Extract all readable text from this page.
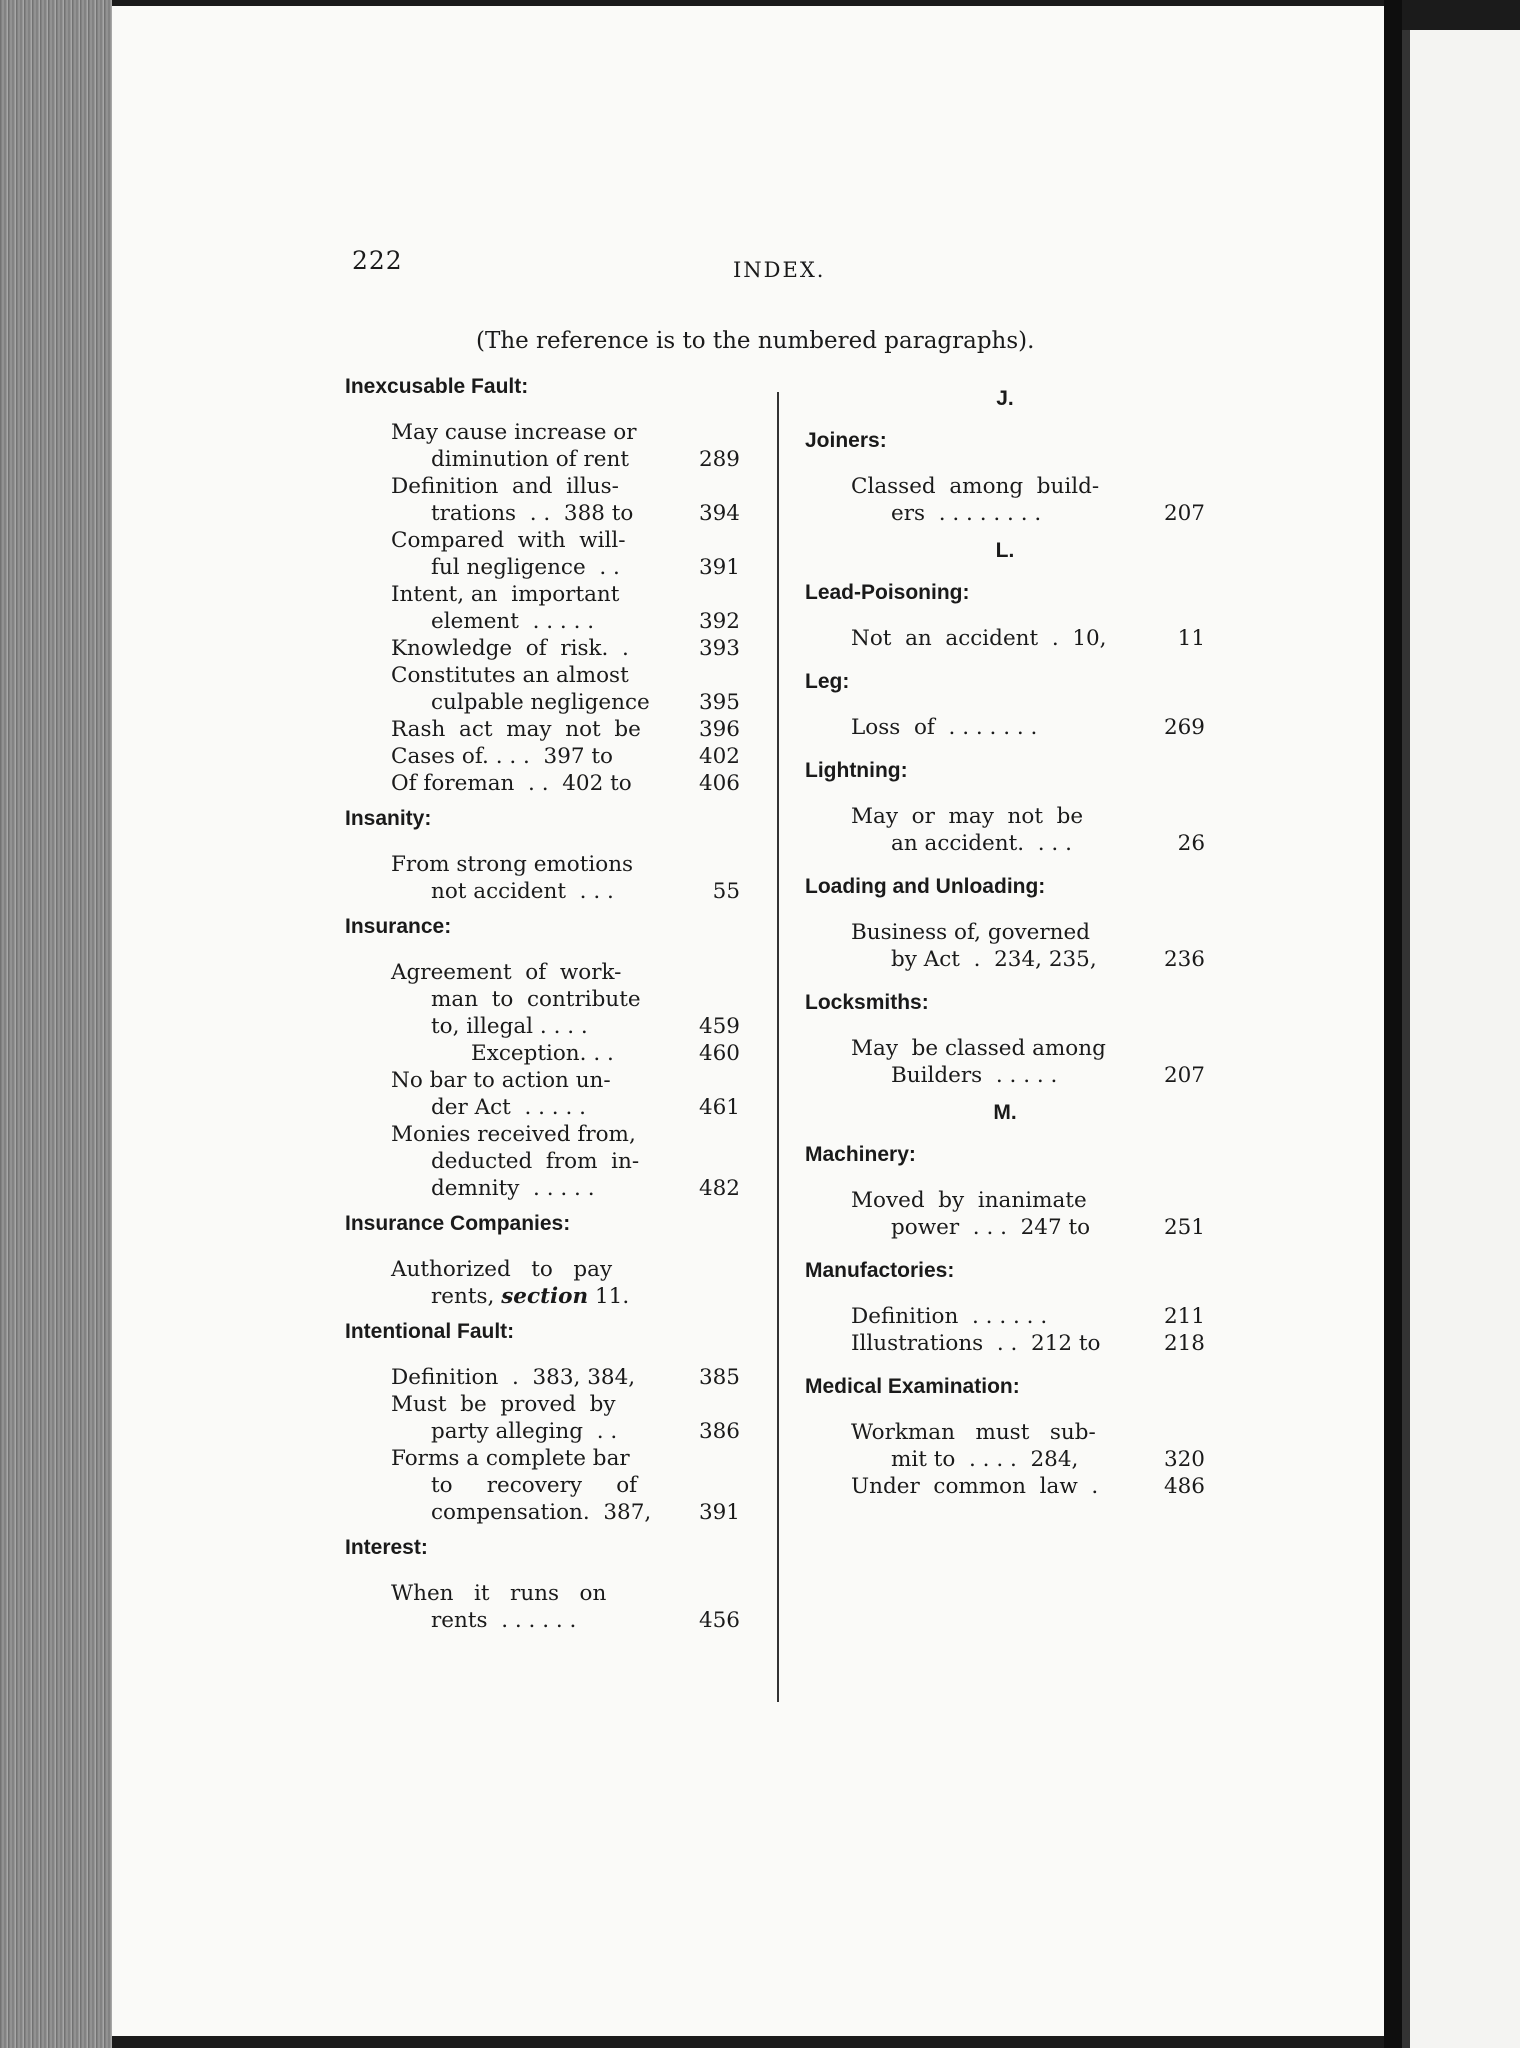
222	INDEX.
(The reference is to the numbered paragraphs).
Inexcusable Fault:
May cause increase or
diminution of rent	289
Definition  and  illus-
trations  . .  388 to	394
Compared  with  will-
ful negligence  . .	391
Intent, an  important
element  . . . . .	392
Knowledge  of  risk.  .	393
Constitutes an almost
culpable negligence	395
Rash  act  may  not  be	396
Cases of. . . .  397 to	402
Of foreman  . .  402 to	406
Insanity:
From strong emotions
not accident  . . .	55
Insurance:
Agreement  of  work-
man  to  contribute
to, illegal . . . .	459
Exception. . .	460
No bar to action un-
der Act  . . . . .	461
Monies received from,
deducted  from  in-
demnity  . . . . .	482
Insurance Companies:
Authorized   to   pay
rents, section 11.
Intentional Fault:
Definition  .  383, 384,	385
Must  be  proved  by
party alleging  . .	386
Forms a complete bar
to     recovery     of
compensation.  387,	391
Interest:
When   it   runs   on
rents  . . . . . .	456
J.
Joiners:
Classed  among  build-
ers  . . . . . . . .	207
L.
Lead-Poisoning:
Not  an  accident  .  10,	11
Leg:
Loss  of  . . . . . . .	269
Lightning:
May  or  may  not  be
an accident.  . . .	26
Loading and Unloading:
Business of, governed
by Act  .  234, 235,	236
Locksmiths:
May  be classed among
Builders  . . . . .	207
M.
Machinery:
Moved  by  inanimate
power  . . .  247 to	251
Manufactories:
Definition  . . . . . .	211
Illustrations  . .  212 to	218
Medical Examination:
Workman   must   sub-
mit to  . . . .  284,	320
Under  common  law  .	486
